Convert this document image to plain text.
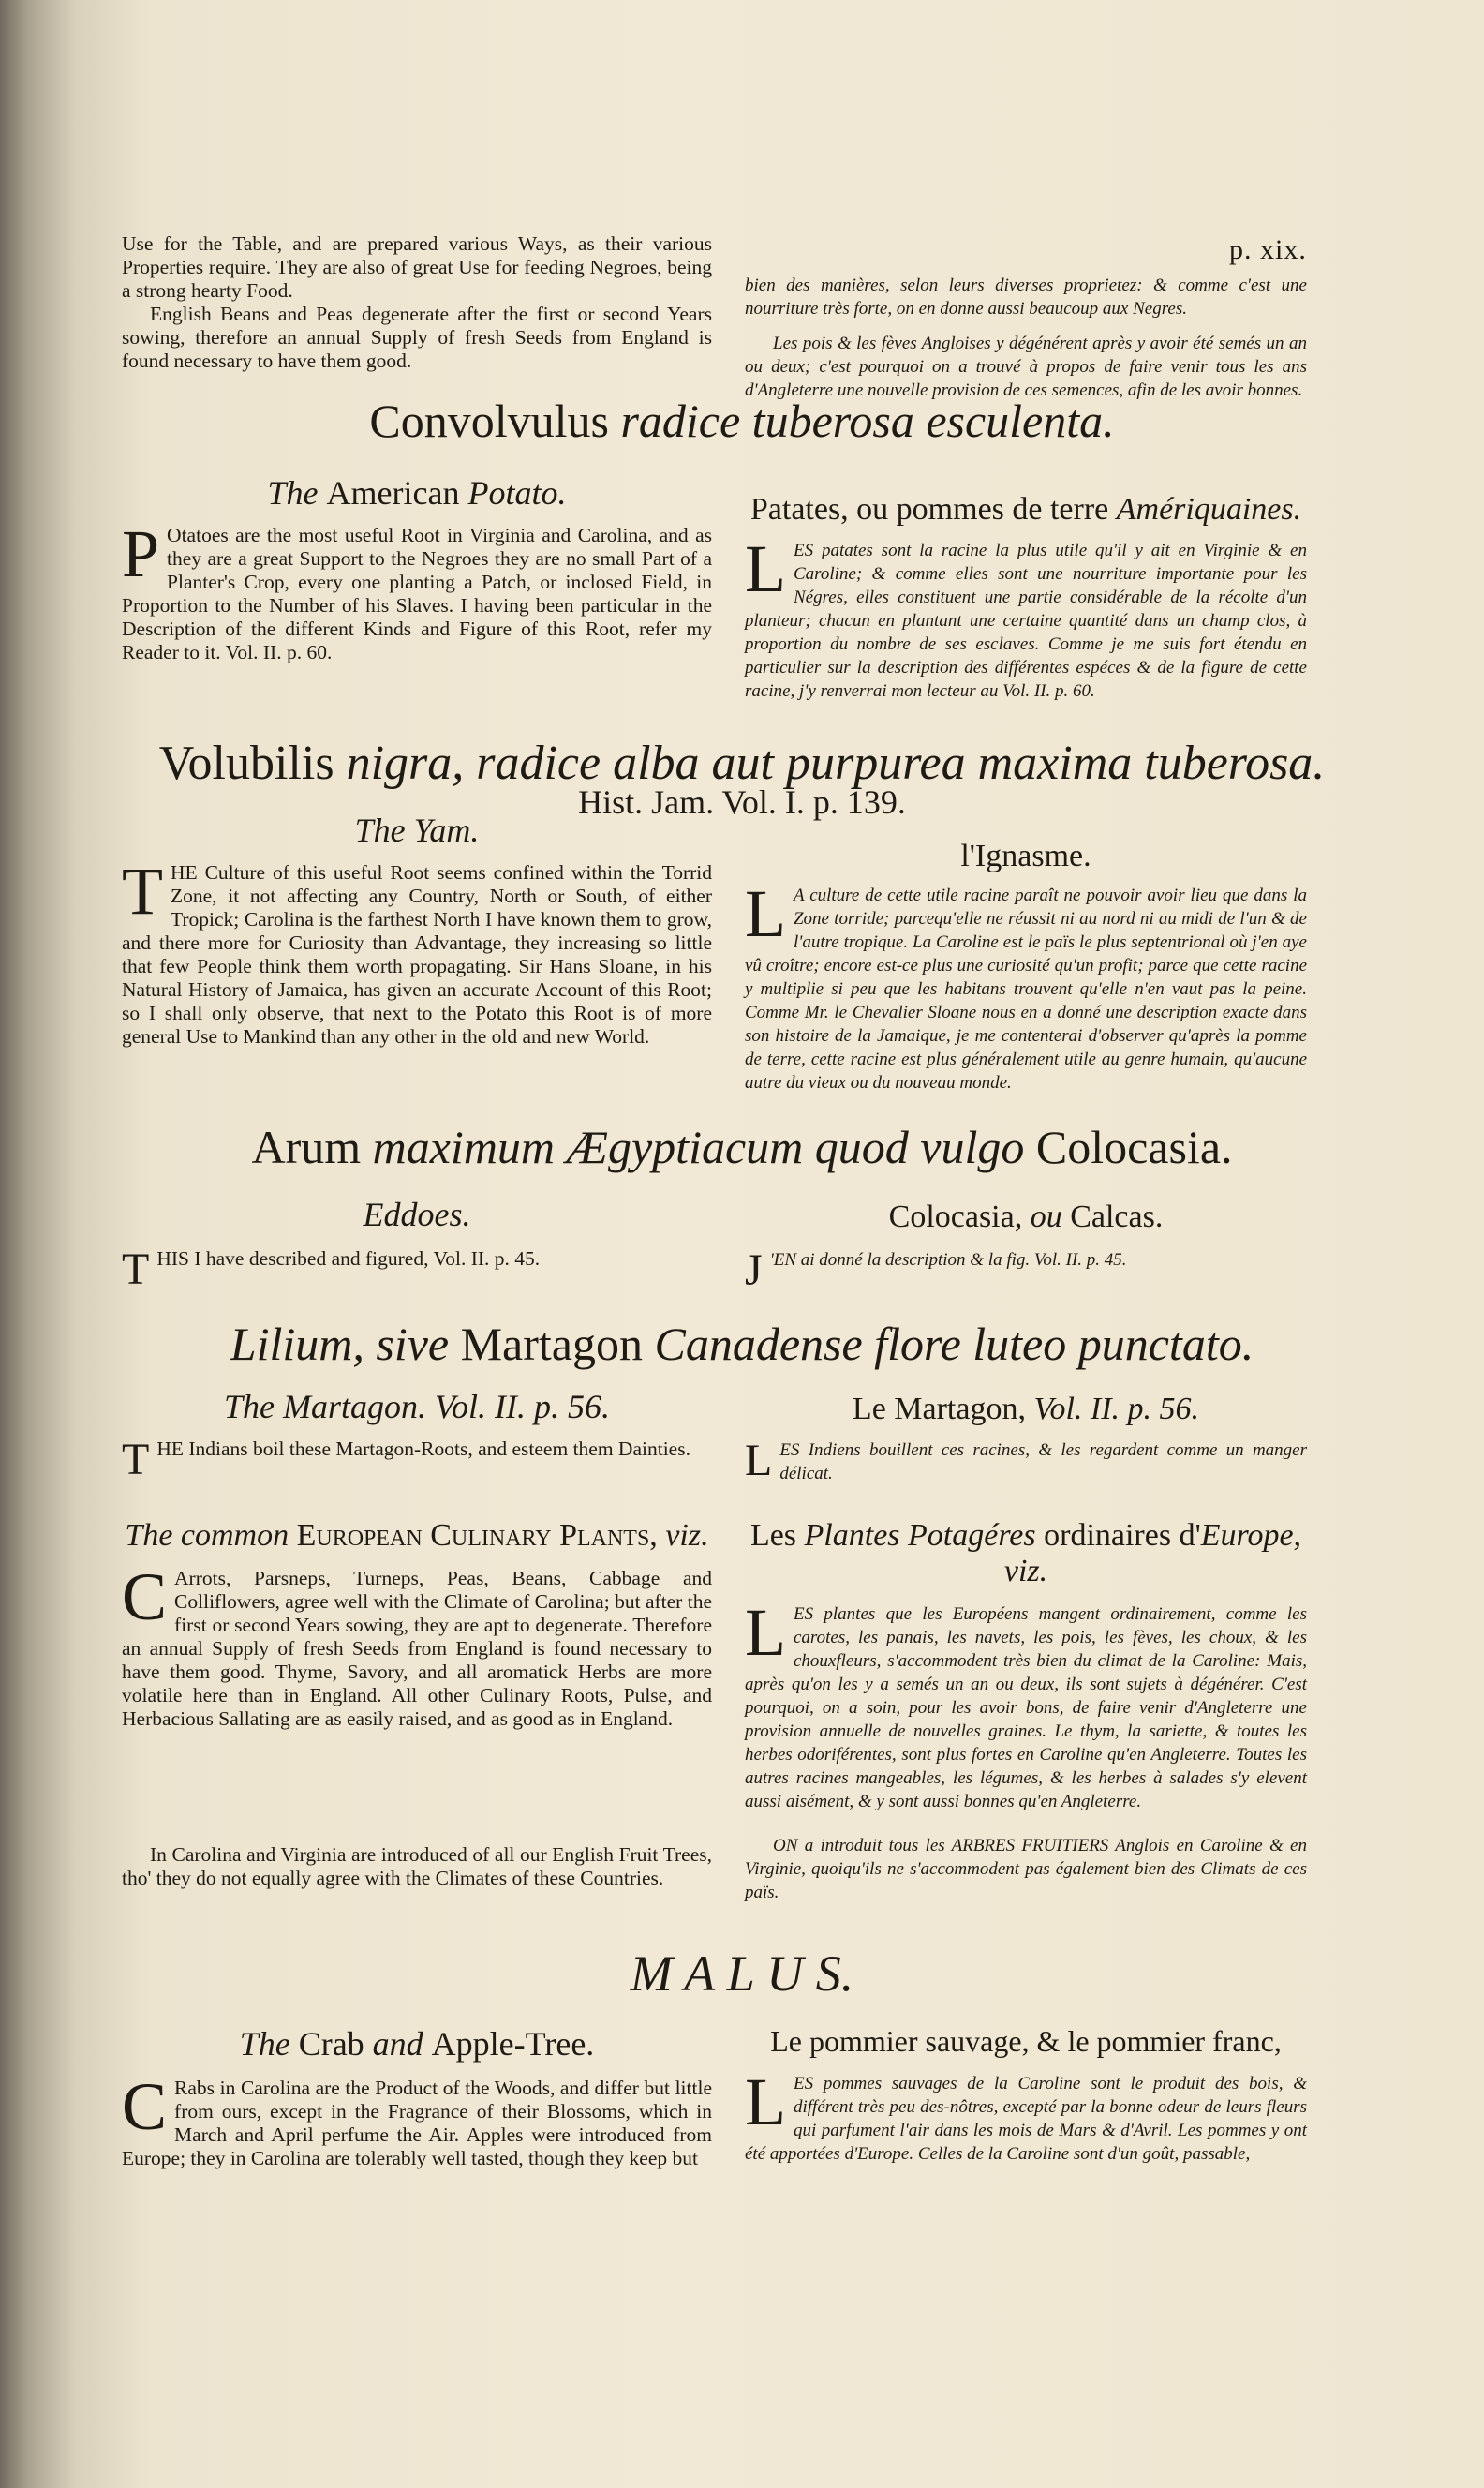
p. xix.

Use for the Table, and are prepared various Ways, as their various Properties require. They are also of great Use for feeding Negroes, being a strong hearty Food.

English Beans and Peas degenerate after the first or second Years sowing, therefore an annual Supply of fresh Seeds from England is found necessary to have them good.

bien des manières, selon leurs diverses proprietez: & comme c'est une nourriture très forte, on en donne aussi beaucoup aux Negres.

Les pois & les fèves Angloises y dégénérent après y avoir été semés un an ou deux; c'est pourquoi on a trouvé à propos de faire venir tous les ans d'Angleterre une nouvelle provision de ces semences, afin de les avoir bonnes.

Convolvulus radice tuberosa esculenta.
The American Potato.
P Otatoes are the most useful Root in Virginia and Carolina, and as they are a great Support to the Negroes they are no small Part of a Planter's Crop, every one planting a Patch, or inclosed Field, in Proportion to the Number of his Slaves. I having been particular in the Description of the different Kinds and Figure of this Root, refer my Reader to it. Vol. II. p. 60.
Patates, ou pommes de terre Amériquaines.
LES patates sont la racine la plus utile qu'il y ait en Virginie & en Caroline; & comme elles sont une nourriture importante pour les Négres, elles constituent une partie considérable de la récolte d'un planteur; chacun en plantant une certaine quantité dans un champ clos, à proportion du nombre de ses esclaves. Comme je me suis fort étendu en particulier sur la description des différentes espéces & de la figure de cette racine, j'y renverrai mon lecteur au Vol. II. p. 60.
Volubilis nigra, radice alba aut purpurea maxima tuberosa.
Hist. Jam. Vol. I. p. 139.
The Yam.
THE Culture of this useful Root seems confined within the Torrid Zone, it not affecting any Country, North or South, of either Tropick; Carolina is the farthest North I have known them to grow, and there more for Curiosity than Advantage, they increasing so little that few People think them worth propagating. Sir Hans Sloane, in his Natural History of Jamaica, has given an accurate Account of this Root; so I shall only observe, that next to the Potato this Root is of more general Use to Mankind than any other in the old and new World.
l'Ignasme.
L A culture de cette utile racine paraît ne pouvoir avoir lieu que dans la Zone torride; parcequ'elle ne réussit ni au nord ni au midi de l'un & de l'autre tropique. La Caroline est le païs le plus septentrional où j'en aye vû croître; encore est-ce plus une curiosité qu'un profit; parce que cette racine y multiplie si peu que les habitans trouvent qu'elle n'en vaut pas la peine. Comme Mr. le Chevalier Sloane nous en a donné une description exacte dans son histoire de la Jamaique, je me contenterai d'observer qu'après la pomme de terre, cette racine est plus généralement utile au genre humain, qu'aucune autre du vieux ou du nouveau monde.
Arum maximum Ægyptiacum quod vulgo Colocasia.
Eddoes.
THIS I have described and figured, Vol. II. p. 45.
Colocasia, ou Calcas.
J 'EN ai donné la description & la fig. Vol. II. p. 45.
Lilium, sive Martagon Canadense flore luteo punctato.
The Martagon. Vol. II. p. 56.
THE Indians boil these Martagon-Roots, and esteem them Dainties.
Le Martagon, Vol. II. p. 56.
LES Indiens bouillent ces racines, & les regardent comme un manger délicat.
The common European Culinary Plants, viz.
C Arrots, Parsneps, Turneps, Peas, Beans, Cabbage and Colliflowers, agree well with the Climate of Carolina; but after the first or second Years sowing, they are apt to degenerate. Therefore an annual Supply of fresh Seeds from England is found necessary to have them good. Thyme, Savory, and all aromatick Herbs are more volatile here than in England. All other Culinary Roots, Pulse, and Herbacious Sallating are as easily raised, and as good as in England.
In Carolina and Virginia are introduced of all our English Fruit Trees, tho' they do not equally agree with the Climates of these Countries.
Les Plantes Potagéres ordinaires d'Europe, viz.
LES plantes que les Européens mangent ordinairement, comme les carotes, les panais, les navets, les pois, les fèves, les choux, & les chouxfleurs, s'accommodent très bien du climat de la Caroline: Mais, après qu'on les y a semés un an ou deux, ils sont sujets à dégénérer. C'est pourquoi, on a soin, pour les avoir bons, de faire venir d'Angleterre une provision annuelle de nouvelles graines. Le thym, la sariette, & toutes les herbes odoriférentes, sont plus fortes en Caroline qu'en Angleterre. Toutes les autres racines mangeables, les légumes, & les herbes à salades s'y elevent aussi aisément, & y sont aussi bonnes qu'en Angleterre.
ON a introduit tous les ARBRES FRUITIERS Anglois en Caroline & en Virginie, quoiqu'ils ne s'accommodent pas également bien des Climats de ces païs.
M A L U S.
The Crab and Apple-Tree.
C Rabs in Carolina are the Product of the Woods, and differ but little from ours, except in the Fragrance of their Blossoms, which in March and April perfume the Air. Apples were introduced from Europe; they in Carolina are tolerably well tasted, though they keep but
Le pommier sauvage, & le pommier franc,
LES pommes sauvages de la Caroline sont le produit des bois, & différent très peu des-nôtres, excepté par la bonne odeur de leurs fleurs qui parfument l'air dans les mois de Mars & d'Avril. Les pommes y ont été apportées d'Europe. Celles de la Caroline sont d'un goût, passable,
